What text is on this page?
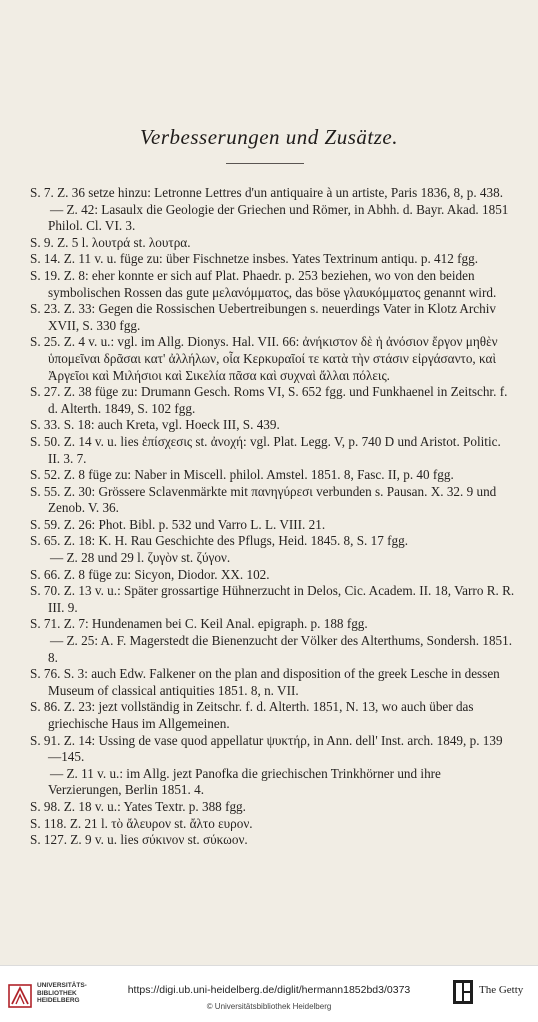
Verbesserungen und Zusätze.
S. 7. Z. 36 setze hinzu: Letronne Lettres d'un antiquaire à un artiste, Paris 1836, 8, p. 438.
— Z. 42: Lasaulx die Geologie der Griechen und Römer, in Abhh. d. Bayr. Akad. 1851 Philol. Cl. VI. 3.
S. 9. Z. 5 l. λουτρά st. λουτρα.
S. 14. Z. 11 v. u. füge zu: über Fischnetze insbes. Yates Textrinum antiqu. p. 412 fgg.
S. 19. Z. 8: eher konnte er sich auf Plat. Phaedr. p. 253 beziehen, wo von den beiden symbolischen Rossen das gute μελανόμματος, das böse γλαυκόμματος genannt wird.
S. 23. Z. 33: Gegen die Rossischen Uebertreibungen s. neuerdings Vater in Klotz Archiv XVII, S. 330 fgg.
S. 25. Z. 4 v. u.: vgl. im Allg. Dionys. Hal. VII. 66: ἀνήκιστον δὲ ἡ ἀνόσιον ἔργον μηθὲν ὑπομεῖναι δρᾶσαι κατ' ἀλλήλων, οἷα Κερκυραῖοί τε κατὰ τὴν στάσιν εἰργάσαντο, καὶ Ἀργεῖοι καὶ Μιλήσιοι καὶ Σικελία πᾶσα καὶ συχναὶ ἄλλαι πόλεις.
S. 27. Z. 38 füge zu: Drumann Gesch. Roms VI, S. 652 fgg. und Funkhaenel in Zeitschr. f. d. Alterth. 1849, S. 102 fgg.
S. 33. S. 18: auch Kreta, vgl. Hoeck III, S. 439.
S. 50. Z. 14 v. u. lies ἐπίσχεσις st. ἀνοχή: vgl. Plat. Legg. V, p. 740 D und Aristot. Politic. II. 3. 7.
S. 52. Z. 8 füge zu: Naber in Miscell. philol. Amstel. 1851. 8, Fasc. II, p. 40 fgg.
S. 55. Z. 30: Grössere Sclavenmärkte mit πανηγύρεσι verbunden s. Pausan. X. 32. 9 und Zenob. V. 36.
S. 59. Z. 26: Phot. Bibl. p. 532 und Varro L. L. VIII. 21.
S. 65. Z. 18: K. H. Rau Geschichte des Pflugs, Heid. 1845. 8, S. 17 fgg.
— Z. 28 und 29 l. ζυγὸν st. ζύγον.
S. 66. Z. 8 füge zu: Sicyon, Diodor. XX. 102.
S. 70. Z. 13 v. u.: Später grossartige Hühnerzucht in Delos, Cic. Academ. II. 18, Varro R. R. III. 9.
S. 71. Z. 7: Hundenamen bei C. Keil Anal. epigraph. p. 188 fgg.
— Z. 25: A. F. Magerstedt die Bienenzucht der Völker des Alterthums, Sondersh. 1851. 8.
S. 76. S. 3: auch Edw. Falkener on the plan and disposition of the greek Lesche in dessen Museum of classical antiquities 1851. 8, n. VII.
S. 86. Z. 23: jezt vollständig in Zeitschr. f. d. Alterth. 1851, N. 13, wo auch über das griechische Haus im Allgemeinen.
S. 91. Z. 14: Ussing de vase quod appellatur ψυκτήρ, in Ann. dell' Inst. arch. 1849, p. 139—145.
— Z. 11 v. u.: im Allg. jezt Panofka die griechischen Trinkhörner und ihre Verzierungen, Berlin 1851. 4.
S. 98. Z. 18 v. u.: Yates Textr. p. 388 fgg.
S. 118. Z. 21 l. τὸ ἄλευρον st. ἄλτο ευρον.
S. 127. Z. 9 v. u. lies σύκινον st. σύκωον.
UNIVERSITÄTS-
BIBLIOTHEK
HEIDELBERG
https://digi.ub.uni-heidelberg.de/diglit/hermann1852bd3/0373
© Universitätsbibliothek Heidelberg
The Getty
